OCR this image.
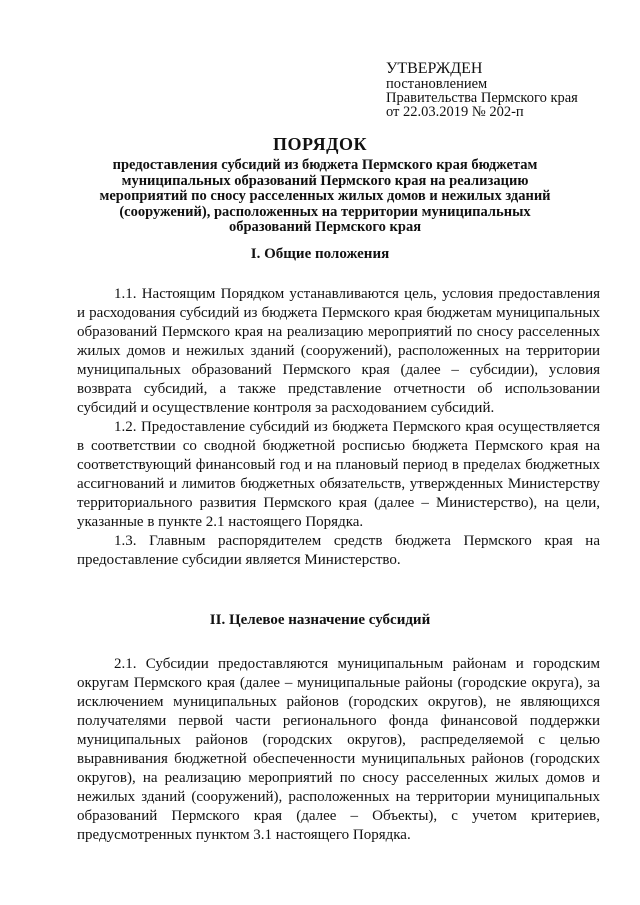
УТВЕРЖДЕН
постановлением
Правительства Пермского края
от 22.03.2019 № 202-п
ПОРЯДОК
предоставления субсидий из бюджета Пермского края бюджетам муниципальных образований Пермского края на реализацию мероприятий по сносу расселенных жилых домов и нежилых зданий (сооружений), расположенных на территории муниципальных образований Пермского края
I. Общие положения

1.1. Настоящим Порядком устанавливаются цель, условия предоставления и расходования субсидий из бюджета Пермского края бюджетам муниципальных образований Пермского края на реализацию мероприятий по сносу расселенных жилых домов и нежилых зданий (сооружений), расположенных на территории муниципальных образований Пермского края (далее – субсидии), условия возврата субсидий, а также представление отчетности об использовании субсидий и осуществление контроля за расходованием субсидий.

1.2. Предоставление субсидий из бюджета Пермского края осуществляется в соответствии со сводной бюджетной росписью бюджета Пермского края на соответствующий финансовый год и на плановый период в пределах бюджетных ассигнований и лимитов бюджетных обязательств, утвержденных Министерству территориального развития Пермского края (далее – Министерство), на цели, указанные в пункте 2.1 настоящего Порядка.

1.3. Главным распорядителем средств бюджета Пермского края на предоставление субсидии является Министерство.

II. Целевое назначение субсидий

2.1. Субсидии предоставляются муниципальным районам и городским округам Пермского края (далее – муниципальные районы (городские округа), за исключением муниципальных районов (городских округов), не являющихся получателями первой части регионального фонда финансовой поддержки муниципальных районов (городских округов), распределяемой с целью выравнивания бюджетной обеспеченности муниципальных районов (городских округов), на реализацию мероприятий по сносу расселенных жилых домов и нежилых зданий (сооружений), расположенных на территории муниципальных образований Пермского края (далее – Объекты), с учетом критериев, предусмотренных пунктом 3.1 настоящего Порядка.
